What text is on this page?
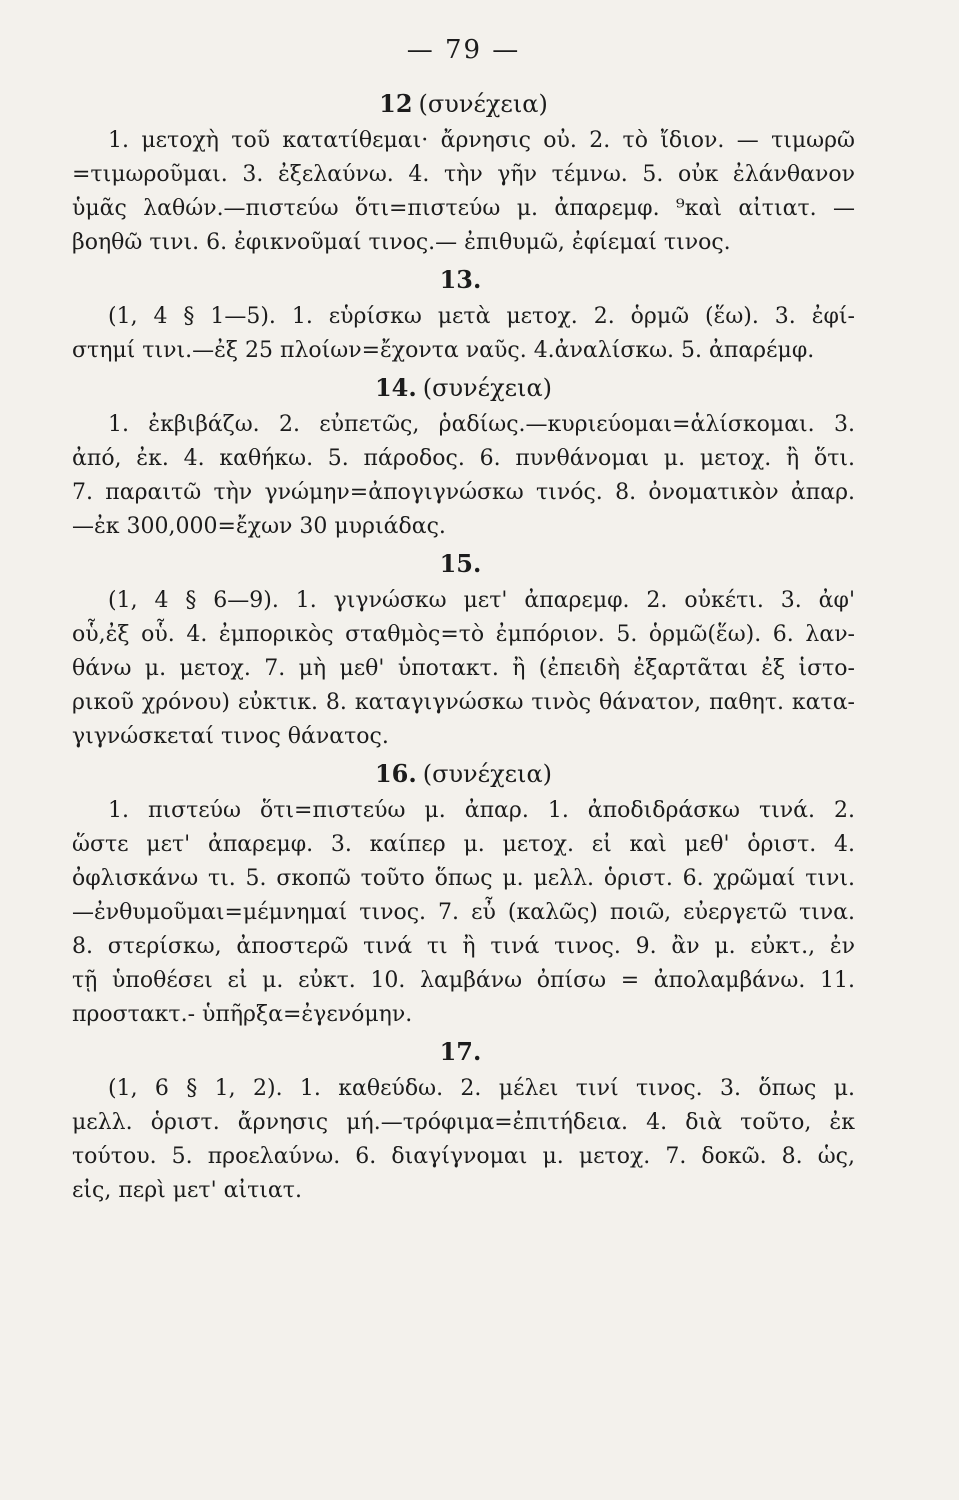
— 79 —
12 (συνέχεια)
1. μετοχὴ τοῦ κατατίθεμαι· ἄρνησις οὐ. 2. τὸ ἴδιον. — τιμωρῶ
=τιμωροῦμαι. 3. ἐξελαύνω. 4. τὴν γῆν τέμνω. 5. οὐκ ἐλάνθανον
ὑμᾶς λαθών.—πιστεύω ὅτι=πιστεύω μ. ἀπαρεμφ. ⁹καὶ αἰτιατ. —
βοηθῶ τινι. 6. ἐφικνοῦμαί τινος.— ἐπιθυμῶ, ἐφίεμαί τινος.
13.
(1, 4 § 1—5). 1. εὑρίσκω μετὰ μετοχ. 2. ὁρμῶ (ἕω). 3. ἐφί-
στημί τινι.—ἐξ 25 πλοίων=ἔχοντα ναῦς. 4.ἀναλίσκω. 5. ἀπαρέμφ.
14. (συνέχεια)
1. ἐκβιβάζω. 2. εὐπετῶς, ῥαδίως.—κυριεύομαι=ἁλίσκομαι. 3.
ἀπό, ἐκ. 4. καθήκω. 5. πάροδος. 6. πυνθάνομαι μ. μετοχ. ἢ ὅτι.
7. παραιτῶ τὴν γνώμην=ἀπογιγνώσκω τινός. 8. ὀνοματικὸν ἀπαρ.
—ἐκ 300,000=ἔχων 30 μυριάδας.
15.
(1, 4 § 6—9). 1. γιγνώσκω μετ' ἀπαρεμφ. 2. οὐκέτι. 3. ἀφ'
οὗ,ἐξ οὗ. 4. ἐμπορικὸς σταθμὸς=τὸ ἐμπόριον. 5. ὁρμῶ(ἕω). 6. λαν-
θάνω μ. μετοχ. 7. μὴ μεθ' ὑποτακτ. ἢ (ἐπειδὴ ἐξαρτᾶται ἐξ ἱστο-
ρικοῦ χρόνου) εὐκτικ. 8. καταγιγνώσκω τινὸς θάνατον, παθητ. κατα-
γιγνώσκεταί τινος θάνατος.
16. (συνέχεια)
1. πιστεύω ὅτι=πιστεύω μ. ἀπαρ. 1. ἀποδιδράσκω τινά. 2.
ὥστε μετ' ἀπαρεμφ. 3. καίπερ μ. μετοχ. εἰ καὶ μεθ' ὁριστ. 4.
ὀφλισκάνω τι. 5. σκοπῶ τοῦτο ὅπως μ. μελλ. ὁριστ. 6. χρῶμαί τινι.
—ἐνθυμοῦμαι=μέμνημαί τινος. 7. εὖ (καλῶς) ποιῶ, εὐεργετῶ τινα.
8. στερίσκω, ἀποστερῶ τινά τι ἢ τινά τινος. 9. ἂν μ. εὐκτ., ἐν
τῇ ὑποθέσει εἰ μ. εὐκτ. 10. λαμβάνω ὀπίσω = ἀπολαμβάνω. 11.
προστακτ.- ὑπῆρξα=ἐγενόμην.
17.
(1, 6 § 1, 2). 1. καθεύδω. 2. μέλει τινί τινος. 3. ὅπως μ.
μελλ. ὁριστ. ἄρνησις μή.—τρόφιμα=ἐπιτήδεια. 4. διὰ τοῦτο, ἐκ
τούτου. 5. προελαύνω. 6. διαγίγνομαι μ. μετοχ. 7. δοκῶ. 8. ὡς,
εἰς, περὶ μετ' αἰτιατ.
